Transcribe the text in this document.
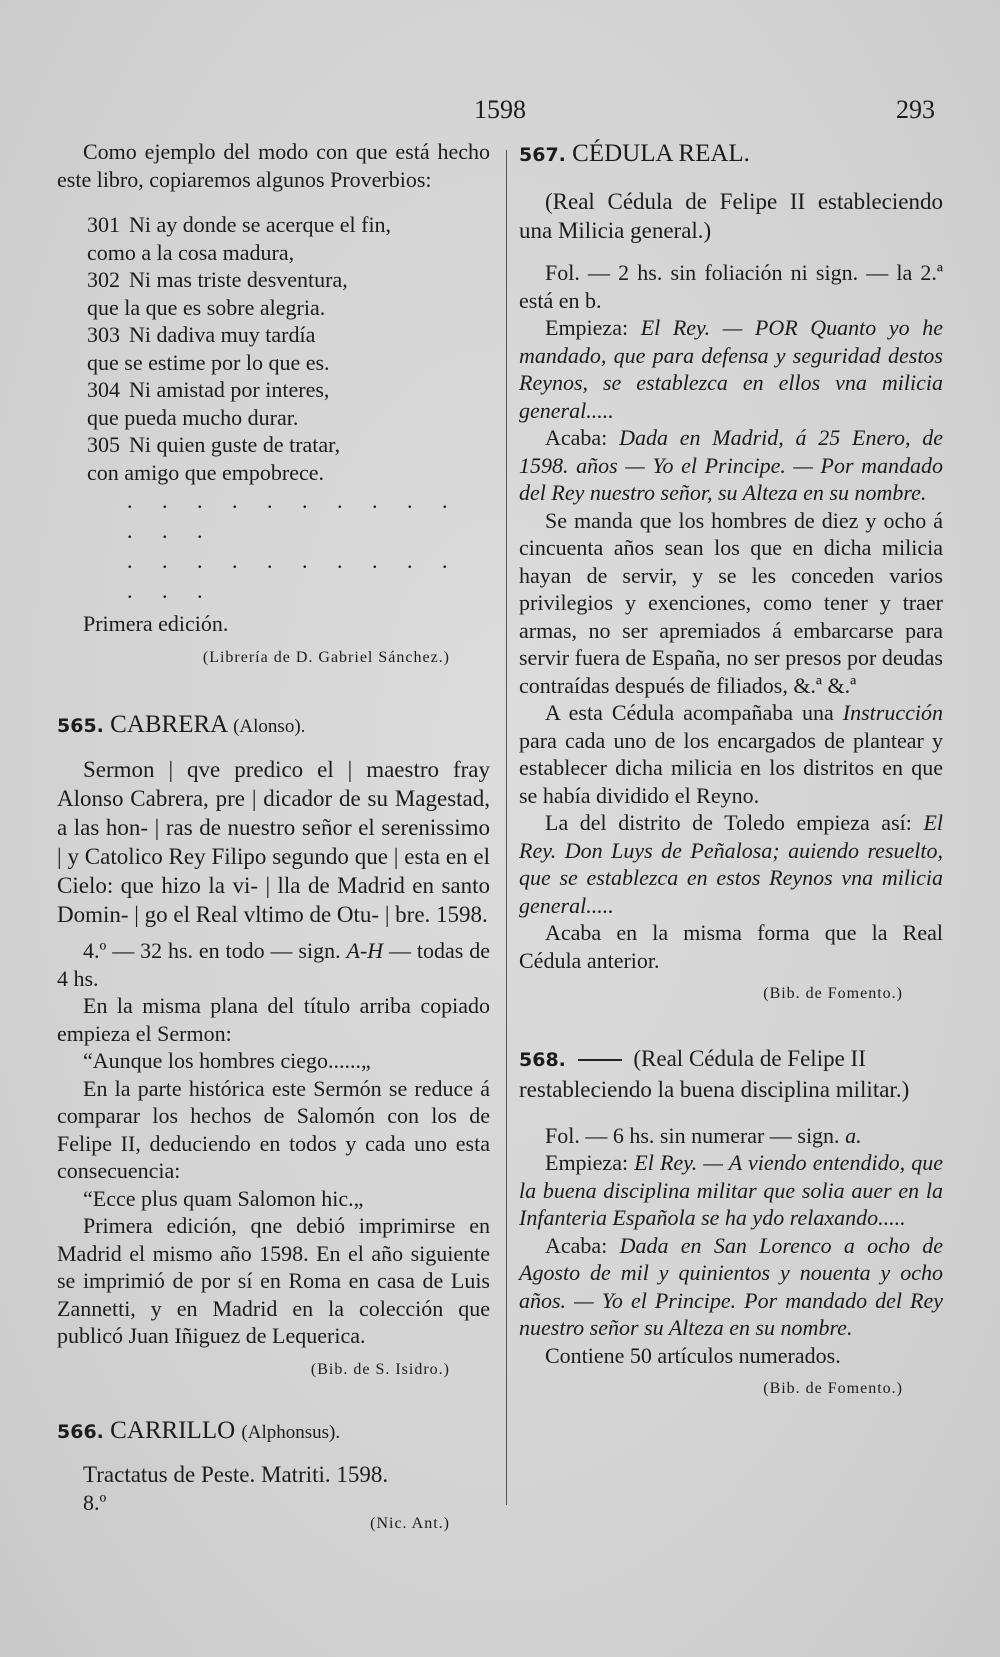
1598	293

Como ejemplo del modo con que está hecho este libro, copiaremos algunos Proverbios:

301 Ni ay donde se acerque el fin,
como a la cosa madura,
302 Ni mas triste desventura,
que la que es sobre alegria.
303 Ni dadiva muy tardía
que se estime por lo que es.
304 Ni amistad por interes,
que pueda mucho durar.
305 Ni quien guste de tratar,
con amigo que empobrece.
. . . . . . . . . . . . .
. . . . . . . . . . . . .

Primera edición.

(Librería de D. Gabriel Sánchez.)
565. CABRERA (Alonso).

Sermon | qve predico el | maestro fray Alonso Cabrera, pre | dicador de su Magestad, a las hon- | ras de nuestro señor el serenissimo | y Catolico Rey Filipo segundo que | esta en el Cielo: que hizo la vi- | lla de Madrid en santo Domin- | go el Real vltimo de Otu- | bre. 1598.

4.º — 32 hs. en todo — sign. A-H — todas de 4 hs.

En la misma plana del título arriba copiado empieza el Sermon:

“Aunque los hombres ciego......„

En la parte histórica este Sermón se reduce á comparar los hechos de Salomón con los de Felipe II, deduciendo en todos y cada uno esta consecuencia:

“Ecce plus quam Salomon hic.„

Primera edición, qne debió imprimirse en Madrid el mismo año 1598. En el año siguiente se imprimió de por sí en Roma en casa de Luis Zannetti, y en Madrid en la colección que publicó Juan Iñiguez de Lequerica.

(Bib. de S. Isidro.)
566. CARRILLO (Alphonsus).

Tractatus de Peste. Matriti. 1598.

8.º

(Nic. Ant.)
567. CÉDULA REAL.

(Real Cédula de Felipe II estableciendo una Milicia general.)

Fol. — 2 hs. sin foliación ni sign. — la 2.ª está en b.

Empieza: El Rey. — POR Quanto yo he mandado, que para defensa y seguridad destos Reynos, se establezca en ellos vna milicia general.....

Acaba: Dada en Madrid, á 25 Enero, de 1598. años — Yo el Principe. — Por mandado del Rey nuestro señor, su Alteza en su nombre.

Se manda que los hombres de diez y ocho á cincuenta años sean los que en dicha milicia hayan de servir, y se les conceden varios privilegios y exenciones, como tener y traer armas, no ser apremiados á embarcarse para servir fuera de España, no ser presos por deudas contraídas después de filiados, &.ª &.ª

A esta Cédula acompañaba una Instrucción para cada uno de los encargados de plantear y establecer dicha milicia en los distritos en que se había dividido el Reyno.

La del distrito de Toledo empieza así: El Rey. Don Luys de Peñalosa; auiendo resuelto, que se establezca en estos Reynos vna milicia general.....

Acaba en la misma forma que la Real Cédula anterior.

(Bib. de Fomento.)
568.	(Real Cédula de Felipe II restableciendo la buena disciplina militar.)

Fol. — 6 hs. sin numerar — sign. a.

Empieza: El Rey. — A viendo entendido, que la buena disciplina militar que solia auer en la Infanteria Española se ha ydo relaxando.....

Acaba: Dada en San Lorenco a ocho de Agosto de mil y quinientos y nouenta y ocho años. — Yo el Principe. Por mandado del Rey nuestro señor su Alteza en su nombre.

Contiene 50 artículos numerados.

(Bib. de Fomento.)
